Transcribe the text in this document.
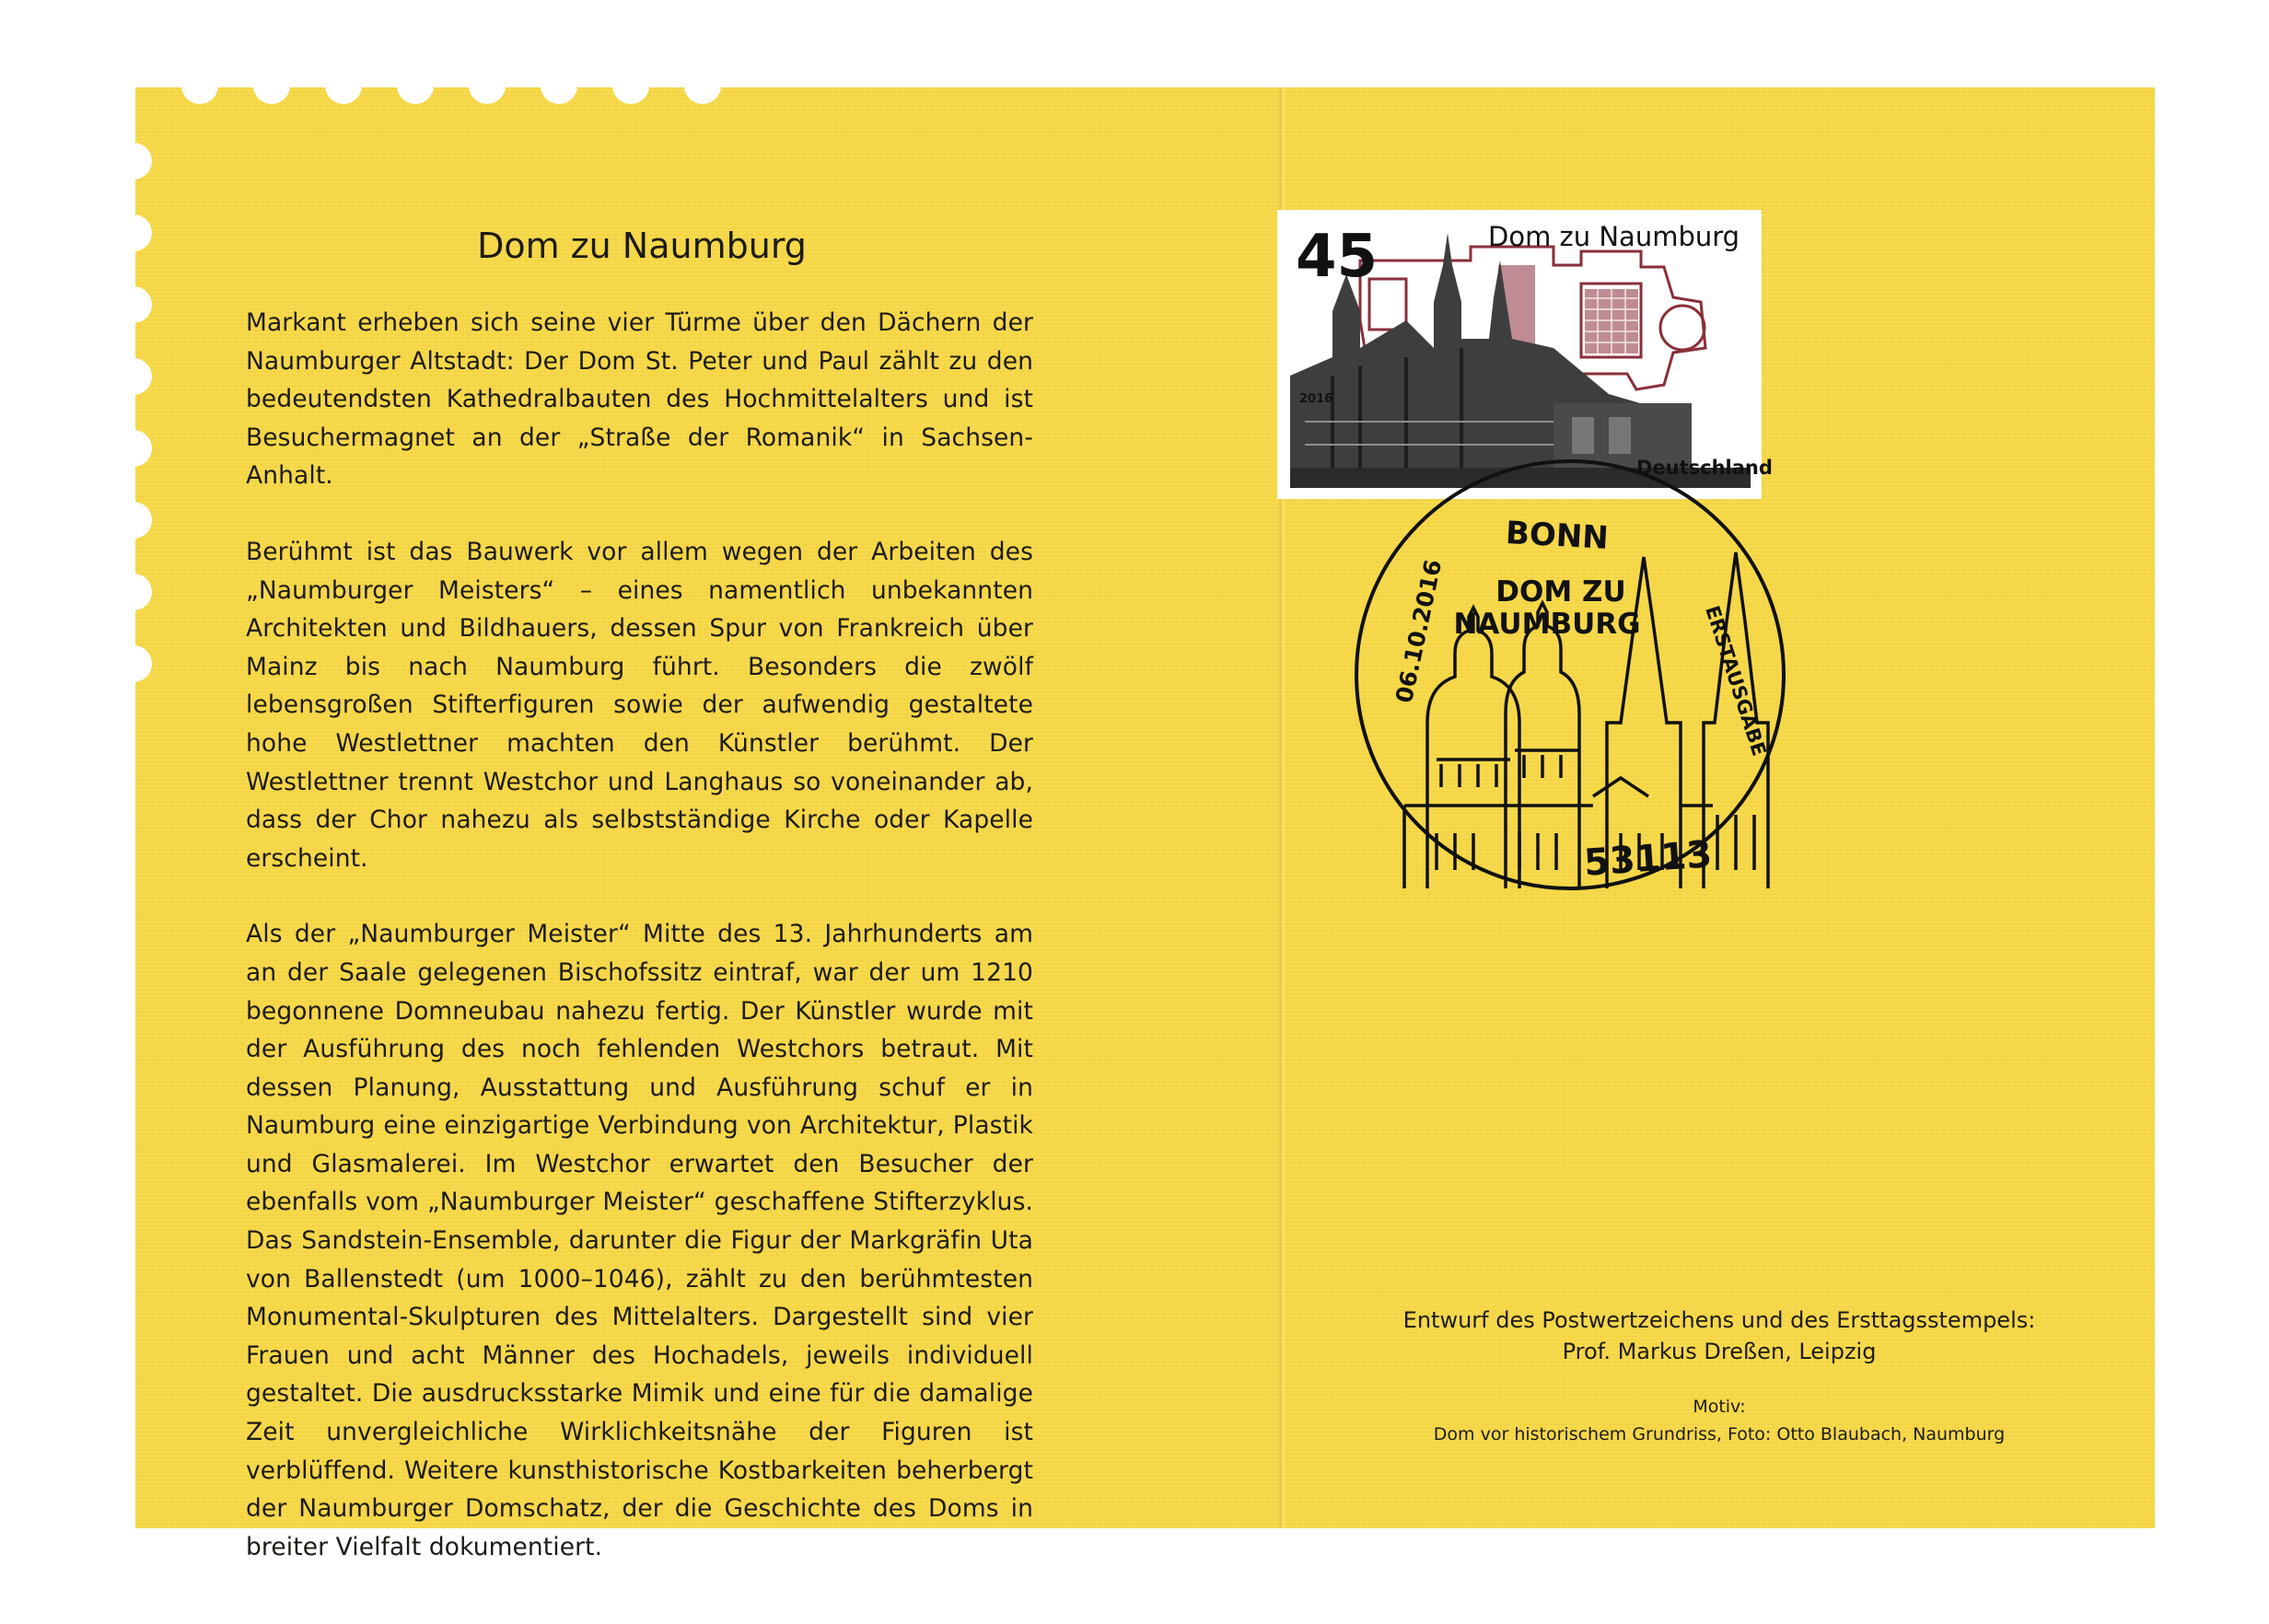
Dom zu Naumburg

Markant erheben sich seine vier Türme über den Dächern der Naumburger Altstadt: Der Dom St. Peter und Paul zählt zu den bedeutendsten Kathedralbauten des Hochmittelalters und ist Besuchermagnet an der „Straße der Romanik“ in Sachsen-Anhalt.

Berühmt ist das Bauwerk vor allem wegen der Arbeiten des „Naumburger Meisters“ – eines namentlich unbekannten Architekten und Bildhauers, dessen Spur von Frankreich über Mainz bis nach Naumburg führt. Besonders die zwölf lebensgroßen Stifterfiguren sowie der aufwendig gestaltete hohe Westlettner machten den Künstler berühmt. Der Westlettner trennt Westchor und Langhaus so voneinander ab, dass der Chor nahezu als selbstständige Kirche oder Kapelle erscheint.

Als der „Naumburger Meister“ Mitte des 13. Jahrhunderts am an der Saale gelegenen Bischofssitz eintraf, war der um 1210 begonnene Domneubau nahezu fertig. Der Künstler wurde mit der Ausführung des noch fehlenden Westchors betraut. Mit dessen Planung, Ausstattung und Ausführung schuf er in Naumburg eine einzigartige Verbindung von Architektur, Plastik und Glasmalerei. Im Westchor erwartet den Besucher der ebenfalls vom „Naumburger Meister“ geschaffene Stifterzyklus. Das Sandstein-Ensemble, darunter die Figur der Markgräfin Uta von Ballenstedt (um 1000–1046), zählt zu den berühmtesten Monumental-Skulpturen des Mittelalters. Dargestellt sind vier Frauen und acht Männer des Hochadels, jeweils individuell gestaltet. Die ausdrucksstarke Mimik und eine für die damalige Zeit unvergleichliche Wirklichkeitsnähe der Figuren ist verblüffend. Weitere kunsthistorische Kostbarkeiten beherbergt der Naumburger Domschatz, der die Geschichte des Doms in breiter Vielfalt dokumentiert.

Entwurf des Postwertzeichens und des Ersttagsstempels:
Prof. Markus Dreßen, Leipzig
Motiv:
Dom vor historischem Grundriss, Foto: Otto Blaubach, Naumburg
45	Dom zu Naumburg
2016
Deutschland
BONN
DOM ZU
NAUMBURG
06.10.2016	ERSTAUSGABE
53113
